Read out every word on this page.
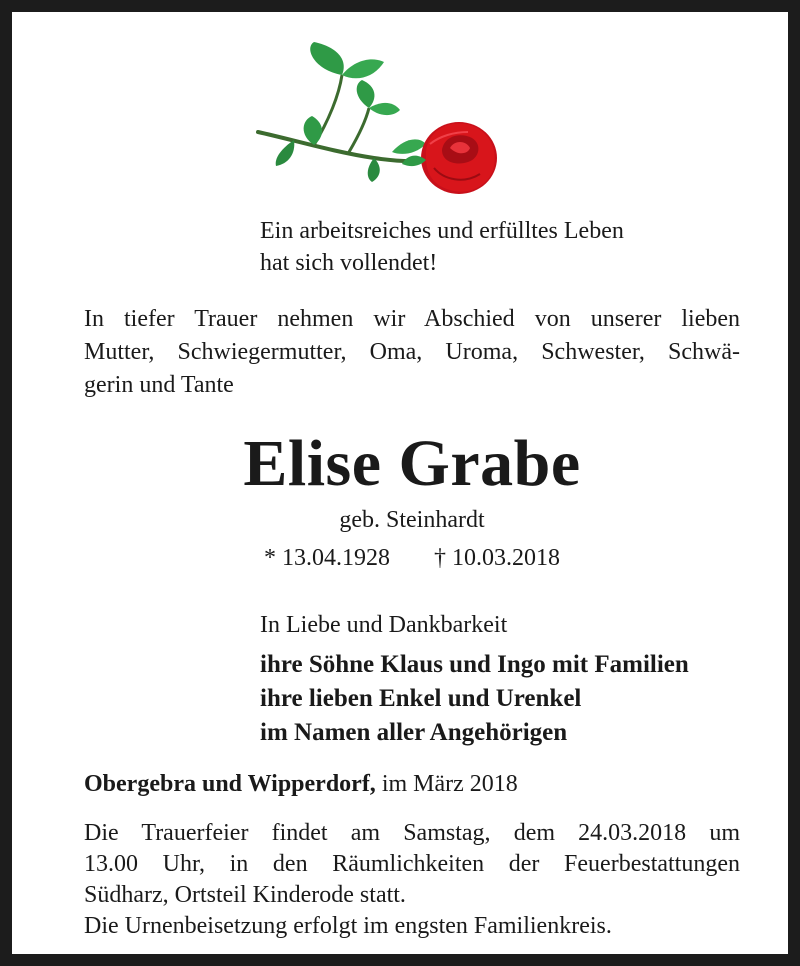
Ein arbeitsreiches und erfülltes Leben
hat sich vollendet!
In tiefer Trauer nehmen wir Abschied von unserer lieben
Mutter, Schwiegermutter, Oma, Uroma, Schwester, Schwä-
gerin und Tante
Elise Grabe
geb. Steinhardt
* 13.04.1928 † 10.03.2018
In Liebe und Dankbarkeit
ihre Söhne Klaus und Ingo mit Familien
ihre lieben Enkel und Urenkel
im Namen aller Angehörigen
Obergebra und Wipperdorf, im März 2018
Die Trauerfeier findet am Samstag, dem 24.03.2018 um
13.00 Uhr, in den Räumlichkeiten der Feuerbestattungen
Südharz, Ortsteil Kinderode statt.
Die Urnenbeisetzung erfolgt im engsten Familienkreis.
